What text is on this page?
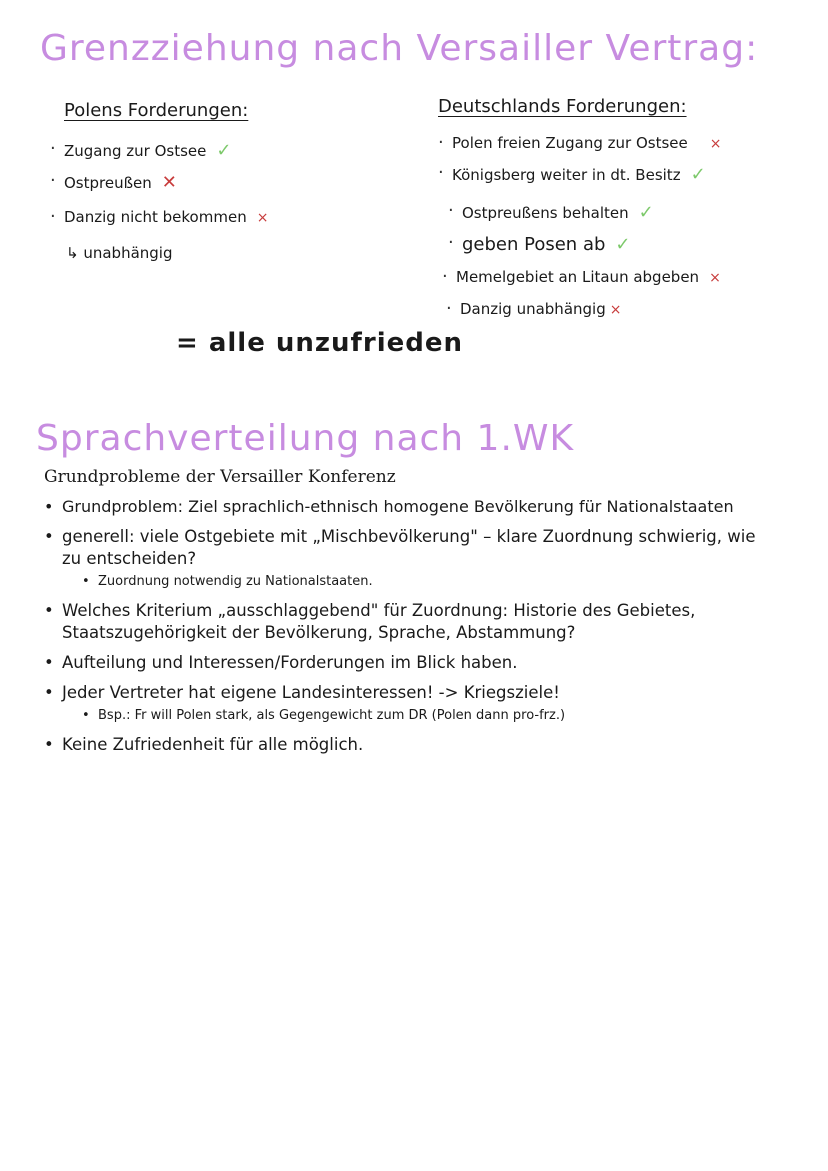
Grenzziehung nach Versailler Vertrag:
Polens Forderungen:
· Zugang zur Ostsee ✓
· Ostpreußen ✕
· Danzig nicht bekommen ×
↳ unabhängig
Deutschlands Forderungen:
· Polen freien Zugang zur Ostsee ×
· Königsberg weiter in dt. Besitz ✓
· Ostpreußens behalten ✓
· geben Posen ab ✓
· Memelgebiet an Litaun abgeben ×
· Danzig unabhängig ×
= alle unzufrieden
Sprachverteilung nach 1.WK
Grundprobleme der Versailler Konferenz
• Grundproblem: Ziel sprachlich-ethnisch homogene Bevölkerung für Nationalstaaten
• generell: viele Ostgebiete mit „Mischbevölkerung" – klare Zuordnung schwierig, wie zu entscheiden?
• Zuordnung notwendig zu Nationalstaaten.
• Welches Kriterium „ausschlaggebend" für Zuordnung: Historie des Gebietes, Staatszugehörigkeit der Bevölkerung, Sprache, Abstammung?
• Aufteilung und Interessen/Forderungen im Blick haben.
• Jeder Vertreter hat eigene Landesinteressen! -> Kriegsziele!
• Bsp.: Fr will Polen stark, als Gegengewicht zum DR (Polen dann pro-frz.)
• Keine Zufriedenheit für alle möglich.
